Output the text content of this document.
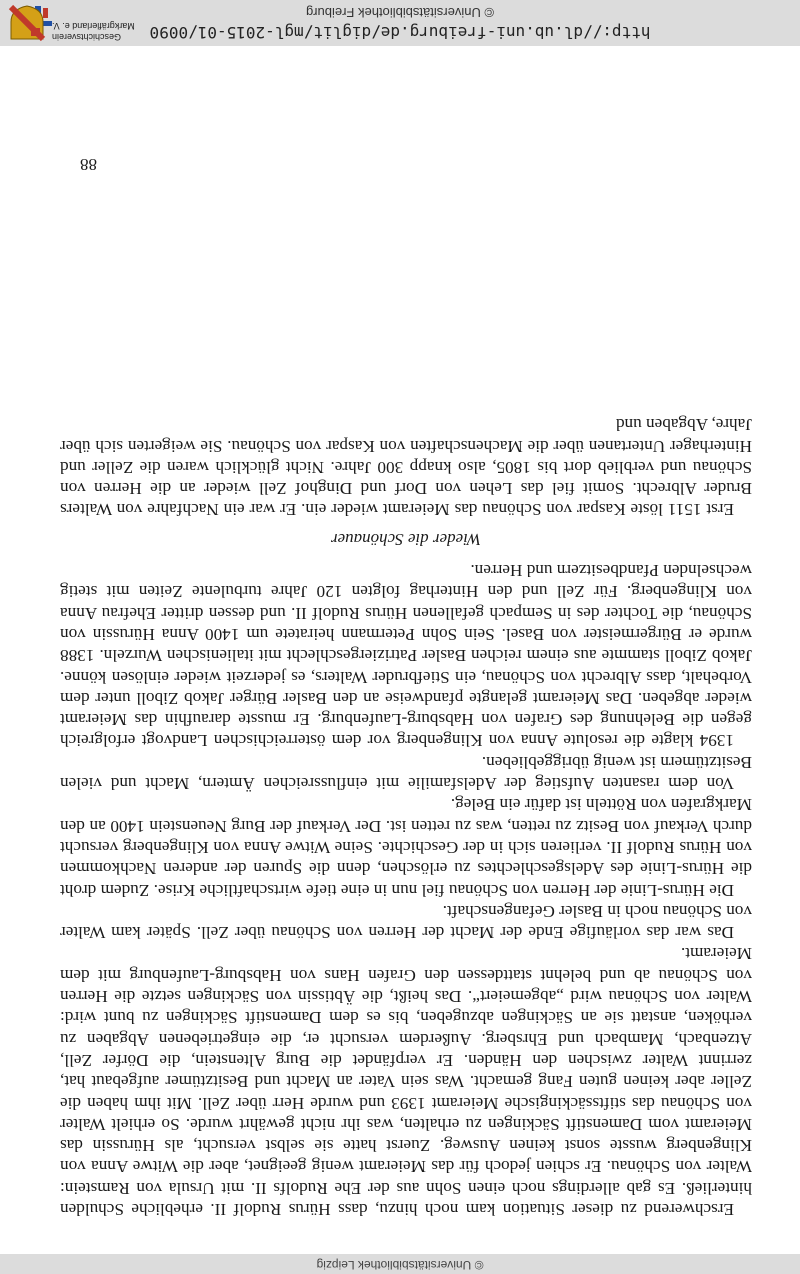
http://dl.ub.uni-freiburg.de/diglit/mgl-2015-01/0090
© Universitätsbibliothek Freiburg
Geschichtsverein Markgräflerland e. V.

Erschwerend zu dieser Situation kam noch hinzu, dass Hürus Rudolf II. erhebliche Schulden hinterließ. Es gab allerdings noch einen Sohn aus der Ehe Rudolfs II. mit Ursula von Ramstein: Walter von Schönau. Er schien jedoch für das Meieramt wenig geeignet, aber die Witwe Anna von Klingenberg wusste sonst keinen Ausweg. Zuerst hatte sie selbst versucht, als Hürussin das Meieramt vom Damenstift Säckingen zu erhalten, was ihr nicht gewährt wurde. So erhielt Walter von Schönau das stiftssäckingische Meieramt 1393 und wurde Herr über Zell. Mit ihm haben die Zeller aber keinen guten Fang gemacht. Was sein Vater an Macht und Besitztümer aufgebaut hat, zerrinnt Walter zwischen den Händen. Er verpfändet die Burg Altenstein, die Dörfer Zell, Atzenbach, Mambach und Ehrsberg. Außerdem versucht er, die eingetriebenen Abgaben zu verhöken, anstatt sie an Säckingen abzugeben, bis es dem Damenstift Säckingen zu bunt wird: Walter von Schönau wird „abgemeiert“. Das heißt, die Äbtissin von Säckingen setzte die Herren von Schönau ab und belehnt stattdessen den Grafen Hans von Habsburg-Laufenburg mit dem Meieramt.

Das war das vorläufige Ende der Macht der Herren von Schönau über Zell. Später kam Walter von Schönau noch in Basler Gefangenschaft.

Die Hürus-Linie der Herren von Schönau fiel nun in eine tiefe wirtschaftliche Krise. Zudem droht die Hürus-Linie des Adelsgeschlechtes zu erlöschen, denn die Spuren der anderen Nachkommen von Hürus Rudolf II. verlieren sich in der Geschichte. Seine Witwe Anna von Klingenberg versucht durch Verkauf von Besitz zu retten, was zu retten ist. Der Verkauf der Burg Neuenstein 1400 an den Markgrafen von Rötteln ist dafür ein Beleg.

Von dem rasanten Aufstieg der Adelsfamilie mit einflussreichen Ämtern, Macht und vielen Besitztümern ist wenig übriggeblieben.

1394 klagte die resolute Anna von Klingenberg vor dem österreichischen Landvogt erfolgreich gegen die Belehnung des Grafen von Habsburg-Laufenburg. Er musste daraufhin das Meieramt wieder abgeben. Das Meieramt gelangte pfandweise an den Basler Bürger Jakob Ziboll unter dem Vorbehalt, dass Albrecht von Schönau, ein Stiefbruder Walters, es jederzeit wieder einlösen könne. Jakob Ziboll stammte aus einem reichen Basler Patriziergeschlecht mit italienischen Wurzeln. 1388 wurde er Bürgermeister von Basel. Sein Sohn Petermann heiratete um 1400 Anna Hürussin von Schönau, die Tochter des in Sempach gefallenen Hürus Rudolf II. und dessen dritter Ehefrau Anna von Klingenberg. Für Zell und den Hinterhag folgten 120 Jahre turbulente Zeiten mit stetig wechselnden Pfandbesitzern und Herren.

Wieder die Schönauer

Erst 1511 löste Kaspar von Schönau das Meieramt wieder ein. Er war ein Nachfahre von Walters Bruder Albrecht. Somit fiel das Lehen von Dorf und Dinghof Zell wieder an die Herren von Schönau und verblieb dort bis 1805, also knapp 300 Jahre. Nicht glücklich waren die Zeller und Hinterhager Untertanen über die Machenschaften von Kaspar von Schönau. Sie weigerten sich über Jahre, Abgaben und

88
© Universitätsbibliothek Leipzig
